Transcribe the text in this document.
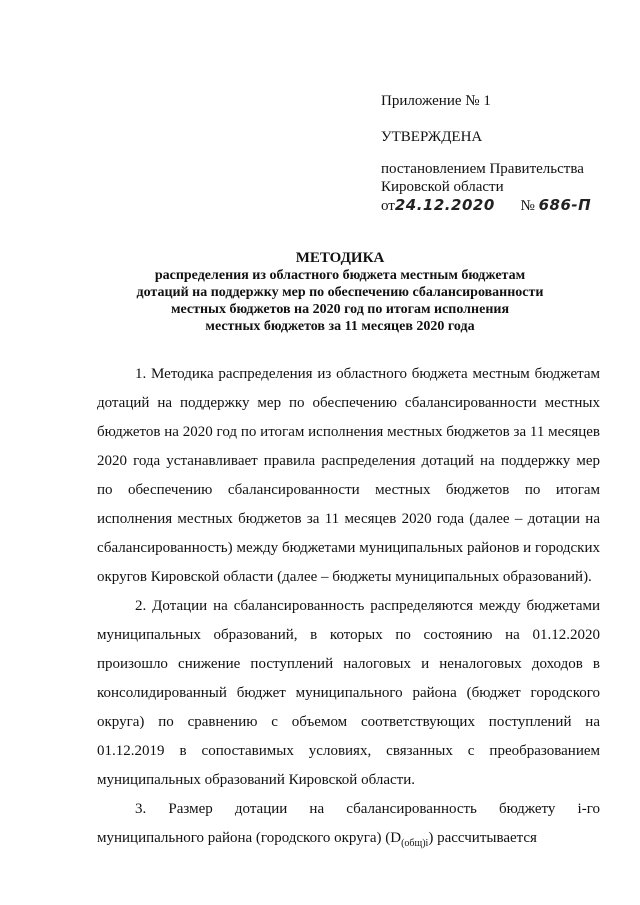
Приложение № 1
УТВЕРЖДЕНА
постановлением Правительства
Кировской области
от24.12.2020 № 686-П
МЕТОДИКА
распределения из областного бюджета местным бюджетам
дотаций на поддержку мер по обеспечению сбалансированности
местных бюджетов на 2020 год по итогам исполнения
местных бюджетов за 11 месяцев 2020 года

1. Методика распределения из областного бюджета местным бюджетам дотаций на поддержку мер по обеспечению сбалансированности местных бюджетов на 2020 год по итогам исполнения местных бюджетов за 11 месяцев 2020 года устанавливает правила распределения дотаций на поддержку мер по обеспечению сбалансированности местных бюджетов по итогам исполнения местных бюджетов за 11 месяцев 2020 года (далее – дотации на сбалансированность) между бюджетами муниципальных районов и городских округов Кировской области (далее – бюджеты муниципальных образований).

2. Дотации на сбалансированность распределяются между бюджетами муниципальных образований, в которых по состоянию на 01.12.2020 произошло снижение поступлений налоговых и неналоговых доходов в консолидированный бюджет муниципального района (бюджет городского округа) по сравнению с объемом соответствующих поступлений на 01.12.2019 в сопоставимых условиях, связанных с преобразованием муниципальных образований Кировской области.

3. Размер дотации на сбалансированность бюджету i-го муниципального района (городского округа) $(D_{(общ)i})$ рассчитывается
